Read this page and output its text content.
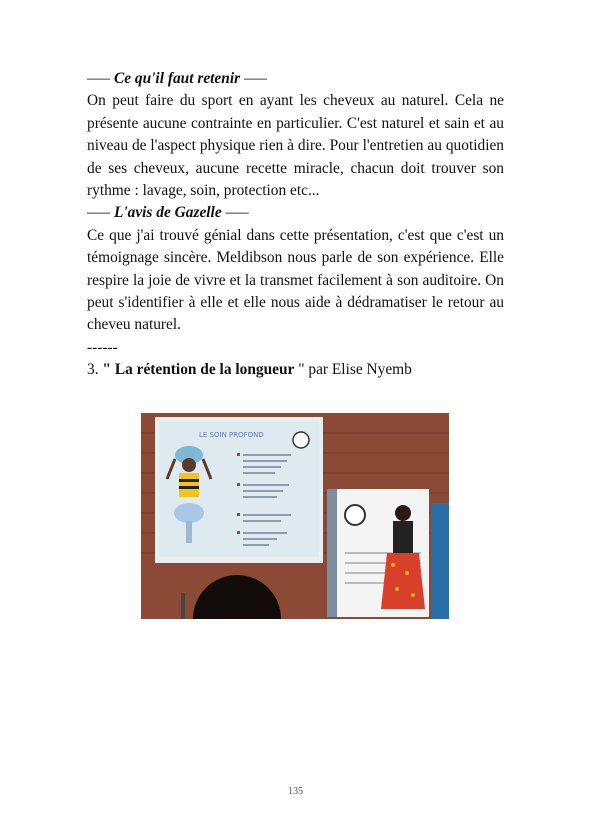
––– Ce qu'il faut retenir –––

On peut faire du sport en ayant les cheveux au naturel. Cela ne présente aucune contrainte en particulier. C'est naturel et sain et au niveau de l'aspect physique rien à dire. Pour l'entretien au quotidien de ses cheveux, aucune recette miracle, chacun doit trouver son rythme : lavage, soin, protection etc...

––– L'avis de Gazelle –––

Ce que j'ai trouvé génial dans cette présentation, c'est que c'est un témoignage sincère. Meldibson nous parle de son expérience. Elle respire la joie de vivre et la transmet facilement à son auditoire. On peut s'identifier à elle et elle nous aide à dédramatiser le retour au cheveu naturel.

------

3. " La rétention de la longueur " par Elise Nyemb

LE SOIN PROFOND
135
